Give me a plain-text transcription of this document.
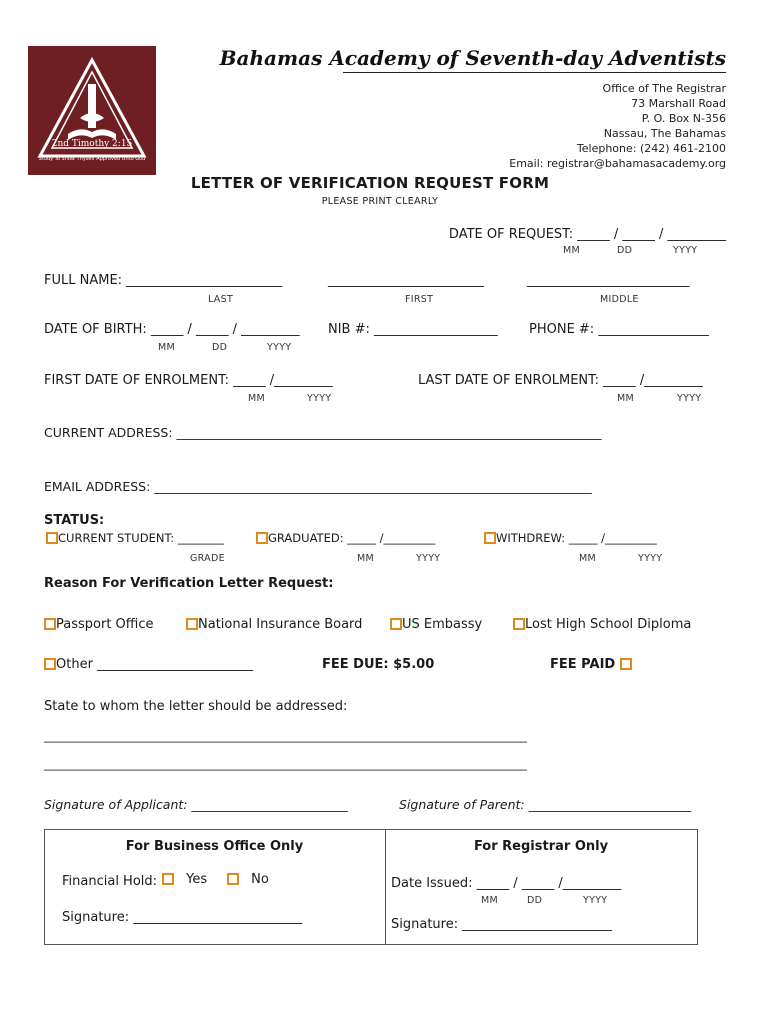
2nd Timothy 2:15
Study To Show Thyself Approved Unto God
Bahamas Academy of Seventh-day Adventists
Office of The Registrar
73 Marshall Road
P. O. Box N-356
Nassau, The Bahamas
Telephone: (242) 461-2100
Email: registrar@bahamasacademy.org
LETTER OF VERIFICATION REQUEST FORM
PLEASE PRINT CLEARLY
DATE OF REQUEST: _____ / _____ / _________
MM	DD	YYYY
FULL NAME: ________________________	________________________	_________________________
LAST	FIRST	MIDDLE
DATE OF BIRTH: _____ / _____ / _________ NIB #: ___________________ PHONE #: _________________
MM	DD	YYYY
FIRST DATE OF ENROLMENT: _____ /_________	LAST DATE OF ENROLMENT: _____ /_________
MM	YYYY	MM	YYYY
CURRENT ADDRESS: ____________________________________________________________________
EMAIL ADDRESS: ______________________________________________________________________
STATUS:
CURRENT STUDENT: ________	GRADUATED: _____ /_________	WITHDREW: _____ /_________
GRADE	MM	YYYY	MM	YYYY
Reason For Verification Letter Request:
Passport Office	National Insurance Board	US Embassy	Lost High School Diploma
Other ________________________	FEE DUE: $5.00	FEE PAID
State to whom the letter should be addressed:
____________________________________________________________________________________
____________________________________________________________________________________
Signature of Applicant: _________________________	Signature of Parent: __________________________
For Business Office Only
Financial Hold:	Yes	No
Signature: __________________________
For Registrar Only
Date Issued: _____ / _____ /_________
MM	DD	YYYY
Signature: _______________________
